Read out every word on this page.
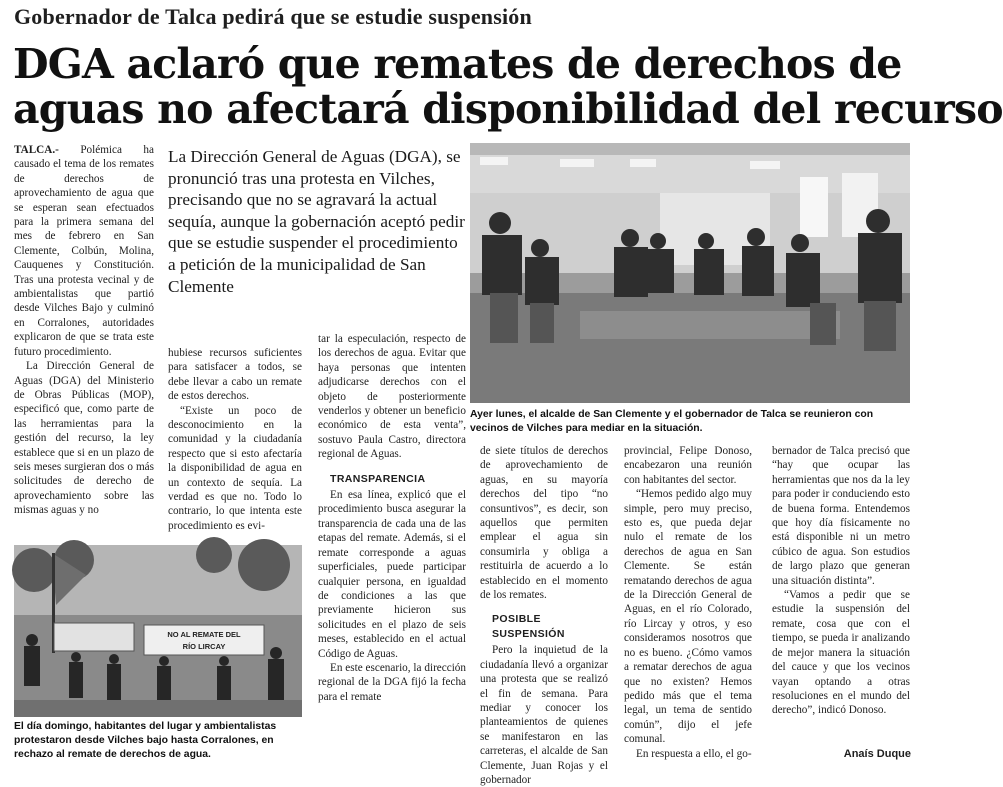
Gobernador de Talca pedirá que se estudie suspensión
DGA aclaró que remates de derechos de
aguas no afectará disponibilidad del recurso

TALCA.- Polémica ha causado el tema de los remates de derechos de aprovechamiento de agua que se esperan sean efectuados para la primera semana del mes de febrero en San Clemente, Colbún, Molina, Cauquenes y Constitución. Tras una protesta vecinal y de ambientalistas que partió desde Vilches Bajo y culminó en Corralones, autoridades explicaron de que se trata este futuro procedimiento.

La Dirección General de Aguas (DGA) del Ministerio de Obras Públicas (MOP), especificó que, como parte de las herramientas para la gestión del recurso, la ley establece que si en un plazo de seis meses surgieran dos o más solicitudes de derecho de aprovechamiento sobre las mismas aguas y no

La Dirección General de Aguas (DGA), se pronunció tras una protesta en Vilches, precisando que no se agravará la actual sequía, aunque la gobernación aceptó pedir que se estudie suspender el procedimiento a petición de la municipalidad de San Clemente

hubiese recursos suficientes para satisfacer a todos, se debe llevar a cabo un remate de estos derechos.

“Existe un poco de desconocimiento en la comunidad y la ciudadanía respecto que si esto afectaría la disponibilidad de agua en un contexto de sequía. La verdad es que no. Todo lo contrario, lo que intenta este procedimiento es evi-

tar la especulación, respecto de los derechos de agua. Evitar que haya personas que intenten adjudicarse derechos con el objeto de posteriormente venderlos y obtener un beneficio económico de esta venta”, sostuvo Paula Castro, directora regional de Aguas.

TRANSPARENCIA

En esa línea, explicó que el procedimiento busca asegurar la transparencia de cada una de las etapas del remate. Además, si el remate corresponde a aguas superficiales, puede participar cualquier persona, en igualdad de condiciones a las que previamente hicieron sus solicitudes en el plazo de seis meses, establecido en el actual Código de Aguas.

En este escenario, la dirección regional de la DGA fijó la fecha para el remate

Ayer lunes, el alcalde de San Clemente y el gobernador de Talca se reunieron con vecinos de Vilches para mediar en la situación.
NO AL REMATE DEL
RÍO LIRCAY
El día domingo, habitantes del lugar y ambientalistas protestaron desde Vilches bajo hasta Corralones, en rechazo al remate de derechos de agua.

de siete títulos de derechos de aprovechamiento de aguas, en su mayoría derechos del tipo “no consuntivos”, es decir, son aquellos que permiten emplear el agua sin consumirla y obliga a restituirla de acuerdo a lo establecido en el momento de los remates.

POSIBLE SUSPENSIÓN

Pero la inquietud de la ciudadanía llevó a organizar una protesta que se realizó el fin de semana. Para mediar y conocer los planteamientos de quienes se manifestaron en las carreteras, el alcalde de San Clemente, Juan Rojas y el gobernador

provincial, Felipe Donoso, encabezaron una reunión con habitantes del sector.

“Hemos pedido algo muy simple, pero muy preciso, esto es, que pueda dejar nulo el remate de los derechos de agua en San Clemente. Se están rematando derechos de agua de la Dirección General de Aguas, en el río Colorado, río Lircay y otros, y eso consideramos nosotros que no es bueno. ¿Cómo vamos a rematar derechos de agua que no existen? Hemos pedido más que el tema legal, un tema de sentido común”, dijo el jefe comunal.

En respuesta a ello, el go-

bernador de Talca precisó que “hay que ocupar las herramientas que nos da la ley para poder ir conduciendo esto de buena forma. Entendemos que hoy día físicamente no está disponible ni un metro cúbico de agua. Son estudios de largo plazo que generan una situación distinta”.

“Vamos a pedir que se estudie la suspensión del remate, cosa que con el tiempo, se pueda ir analizando de mejor manera la situación del cauce y que los vecinos vayan optando a otras resoluciones en el mundo del derecho”, indicó Donoso.

Anaís Duque
